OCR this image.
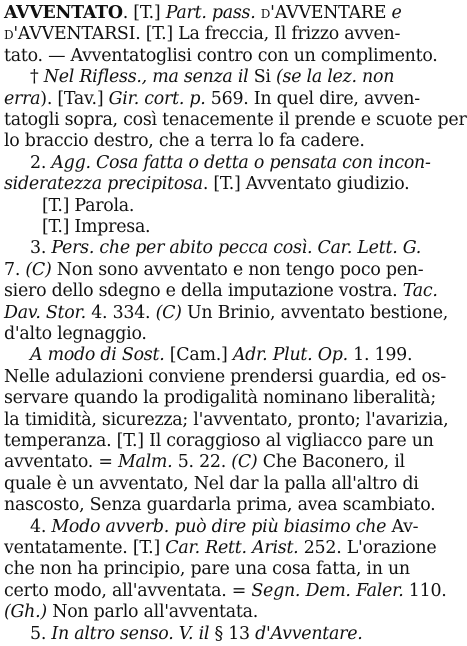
AVVENTATO. [T.] Part. pass. d'AVVENTARE e
d'AVVENTARSI. [T.] La freccia, Il frizzo avven-
tato. — Avventatoglisi contro con un complimento.
† Nel Rifless., ma senza il Si (se la lez. non
erra). [Tav.] Gir. cort. p. 569. In quel dire, avven-
tatogli sopra, così tenacemente il prende e scuote per
lo braccio destro, che a terra lo fa cadere.
2. Agg. Cosa fatta o detta o pensata con incon-
sideratezza precipitosa. [T.] Avventato giudizio.
[T.] Parola.
[T.] Impresa.
3. Pers. che per abito pecca così. Car. Lett. G.
7. (C) Non sono avventato e non tengo poco pen-
siero dello sdegno e della imputazione vostra. Tac.
Dav. Stor. 4. 334. (C) Un Brinio, avventato bestione,
d'alto legnaggio.
A modo di Sost. [Cam.] Adr. Plut. Op. 1. 199.
Nelle adulazioni conviene prendersi guardia, ed os-
servare quando la prodigalità nominano liberalità;
la timidità, sicurezza; l'avventato, pronto; l'avarizia,
temperanza. [T.] Il coraggioso al vigliacco pare un
avventato. = Malm. 5. 22. (C) Che Baconero, il
quale è un avventato, Nel dar la palla all'altro di
nascosto, Senza guardarla prima, avea scambiato.
4. Modo avverb. può dire più biasimo che Av-
ventatamente. [T.] Car. Rett. Arist. 252. L'orazione
che non ha principio, pare una cosa fatta, in un
certo modo, all'avventata. = Segn. Dem. Faler. 110.
(Gh.) Non parlo all'avventata.
5. In altro senso. V. il § 13 d'Avventare.
